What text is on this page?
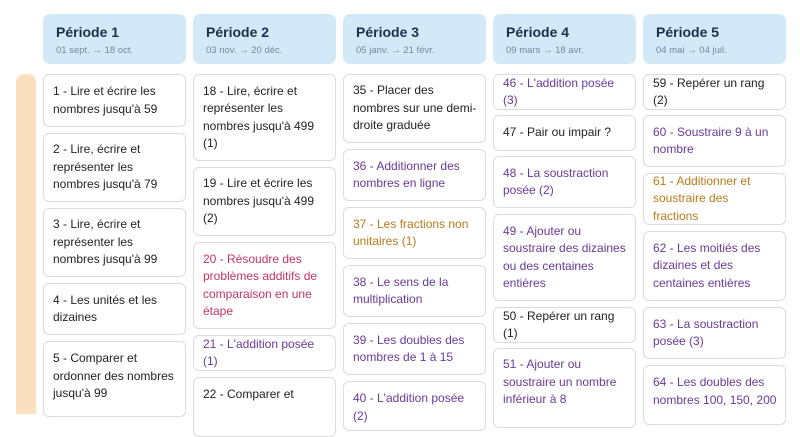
Période 1
01 sept. → 18 oct.
1 - Lire et écrire les nombres jusqu'à 59
2 - Lire, écrire et représenter les nombres jusqu'à 79
3 - Lire, écrire et représenter les nombres jusqu'à 99
4 - Les unités et les dizaines
5 - Comparer et ordonner des nombres jusqu'à 99
Période 2
03 nov. → 20 déc.
18 - Lire, écrire et représenter les nombres jusqu'à 499 (1)
19 - Lire et écrire les nombres jusqu'à 499 (2)
20 - Résoudre des problèmes additifs de comparaison en une étape
21 - L'addition posée (1)
22 - Comparer et
Période 3
05 janv. → 21 févr.
35 - Placer des nombres sur une demi-droite graduée
36 - Additionner des nombres en ligne
37 - Les fractions non unitaires (1)
38 - Le sens de la multiplication
39 - Les doubles des nombres de 1 à 15
40 - L'addition posée (2)
Période 4
09 mars → 18 avr.
46 - L'addition posée (3)
47 - Pair ou impair ?
48 - La soustraction posée (2)
49 - Ajouter ou soustraire des dizaines ou des centaines entières
50 - Repérer un rang (1)
51 - Ajouter ou soustraire un nombre inférieur à 8
Période 5
04 mai → 04 juil.
59 - Repérer un rang (2)
60 - Soustraire 9 à un nombre
61 - Additionner et soustraire des fractions
62 - Les moitiés des dizaines et des centaines entières
63 - La soustraction posée (3)
64 - Les doubles des nombres 100, 150, 200
